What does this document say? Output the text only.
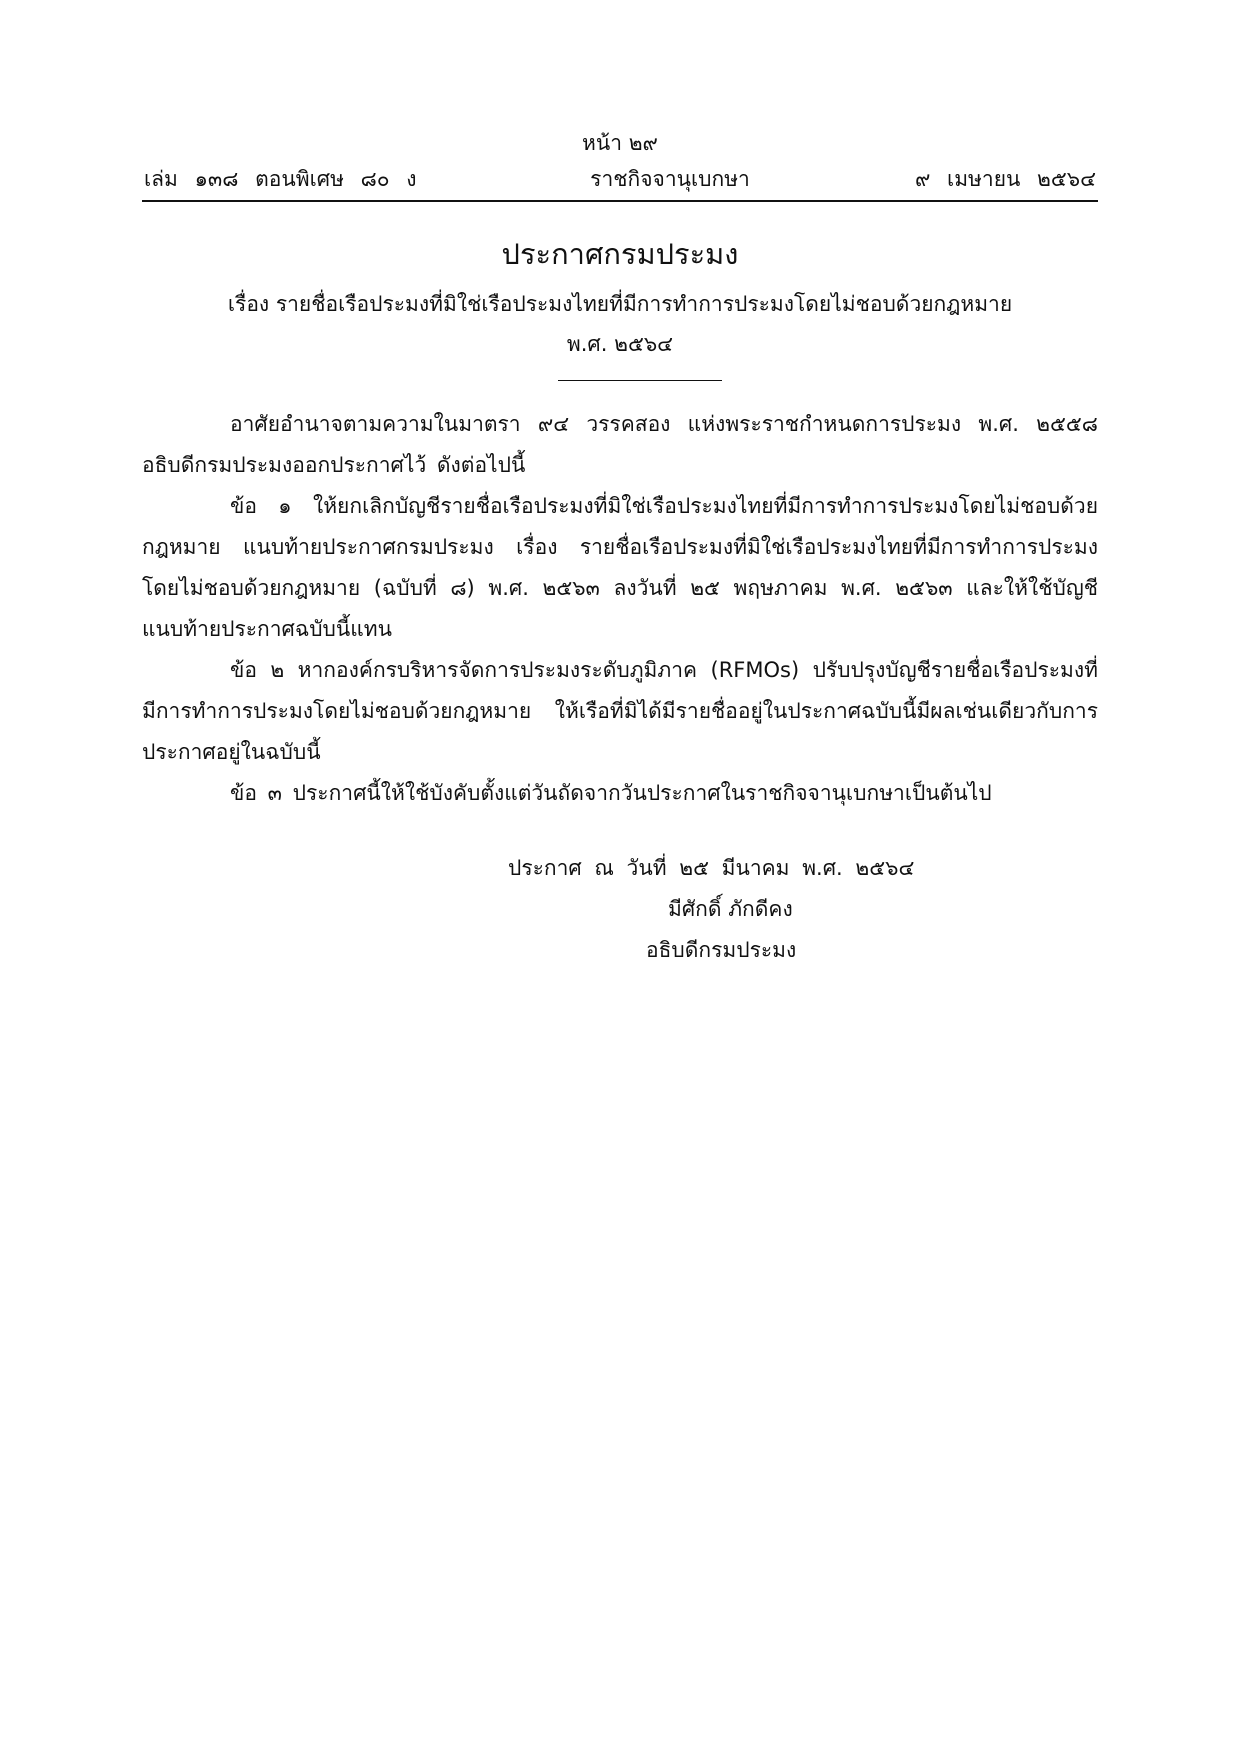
หน้า ๒๙
เล่ม ๑๓๘ ตอนพิเศษ ๘๐ ง	ราชกิจจานุเบกษา	๙ เมษายน ๒๕๖๔
ประกาศกรมประมง
เรื่อง รายชื่อเรือประมงที่มิใช่เรือประมงไทยที่มีการทำการประมงโดยไม่ชอบด้วยกฎหมาย
พ.ศ. ๒๕๖๔

อาศัยอำนาจตามความในมาตรา ๙๔ วรรคสอง แห่งพระราชกำหนดการประมง พ.ศ. ๒๕๕๘ อธิบดีกรมประมงออกประกาศไว้ ดังต่อไปนี้

ข้อ ๑ ให้ยกเลิกบัญชีรายชื่อเรือประมงที่มิใช่เรือประมงไทยที่มีการทำการประมงโดยไม่ชอบด้วยกฎหมาย แนบท้ายประกาศกรมประมง เรื่อง รายชื่อเรือประมงที่มิใช่เรือประมงไทยที่มีการทำการประมงโดยไม่ชอบด้วยกฎหมาย (ฉบับที่ ๘) พ.ศ. ๒๕๖๓ ลงวันที่ ๒๕ พฤษภาคม พ.ศ. ๒๕๖๓ และให้ใช้บัญชีแนบท้ายประกาศฉบับนี้แทน

ข้อ ๒ หากองค์กรบริหารจัดการประมงระดับภูมิภาค (RFMOs) ปรับปรุงบัญชีรายชื่อเรือประมงที่มีการทำการประมงโดยไม่ชอบด้วยกฎหมาย ให้เรือที่มิได้มีรายชื่ออยู่ในประกาศฉบับนี้มีผลเช่นเดียวกับการประกาศอยู่ในฉบับนี้

ข้อ ๓ ประกาศนี้ให้ใช้บังคับตั้งแต่วันถัดจากวันประกาศในราชกิจจานุเบกษาเป็นต้นไป

ประกาศ ณ วันที่ ๒๕ มีนาคม พ.ศ. ๒๕๖๔
มีศักดิ์ ภักดีคง
อธิบดีกรมประมง
